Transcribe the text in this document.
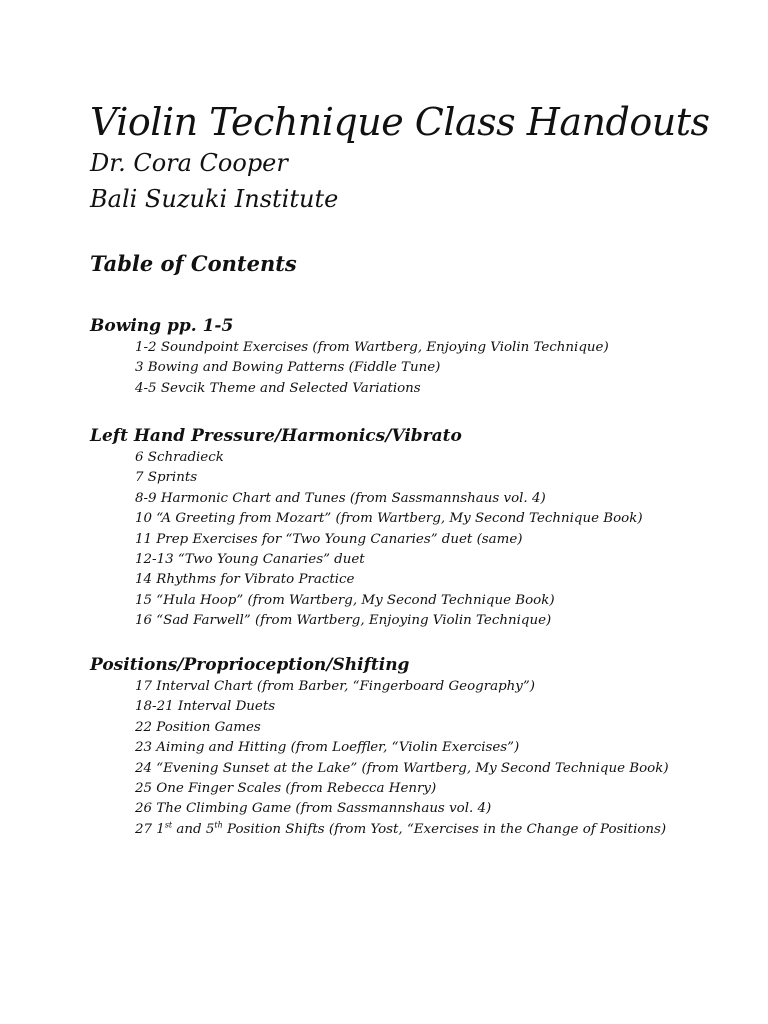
Violin Technique Class Handouts
Dr. Cora Cooper
Bali Suzuki Institute
Table of Contents
Bowing pp. 1-5
1-2 Soundpoint Exercises (from Wartberg, Enjoying Violin Technique)
3 Bowing and Bowing Patterns (Fiddle Tune)
4-5 Sevcik Theme and Selected Variations
Left Hand Pressure/Harmonics/Vibrato
6 Schradieck
7 Sprints
8-9 Harmonic Chart and Tunes (from Sassmannshaus vol. 4)
10 “A Greeting from Mozart” (from Wartberg, My Second Technique Book)
11 Prep Exercises for “Two Young Canaries” duet (same)
12-13 “Two Young Canaries” duet
14 Rhythms for Vibrato Practice
15 “Hula Hoop” (from Wartberg, My Second Technique Book)
16 “Sad Farwell” (from Wartberg, Enjoying Violin Technique)
Positions/Proprioception/Shifting
17 Interval Chart (from Barber, “Fingerboard Geography”)
18-21 Interval Duets
22 Position Games
23 Aiming and Hitting (from Loeffler, “Violin Exercises”)
24 “Evening Sunset at the Lake” (from Wartberg, My Second Technique Book)
25 One Finger Scales (from Rebecca Henry)
26 The Climbing Game (from Sassmannshaus vol. 4)
27 1st and 5th Position Shifts (from Yost, “Exercises in the Change of Positions)
